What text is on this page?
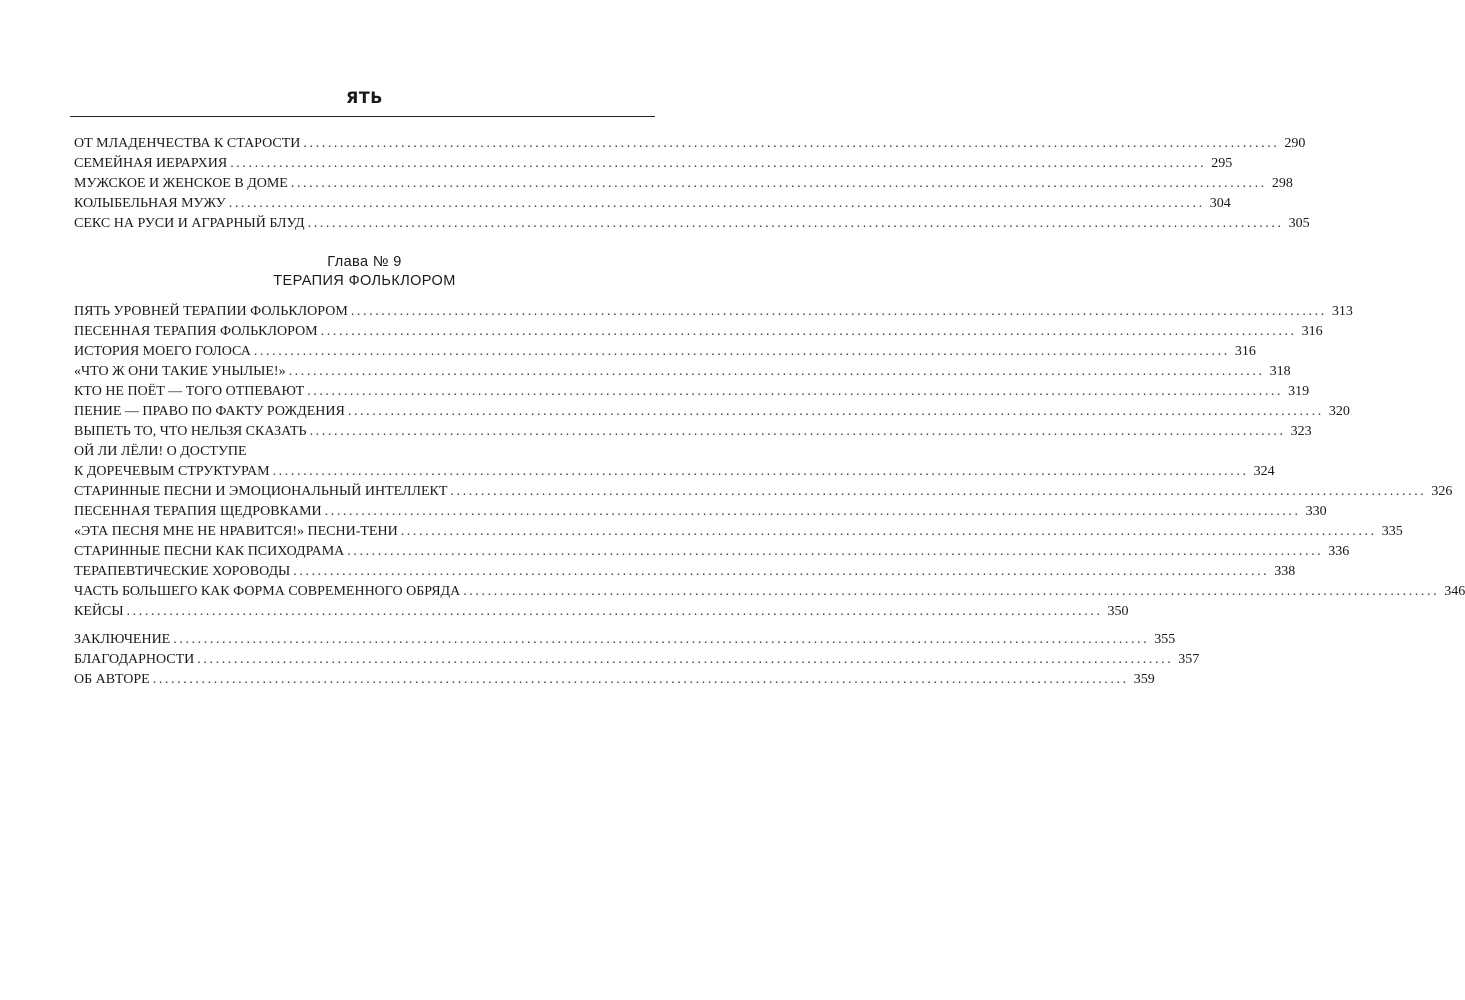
ЯТЬ
ОТ МЛАДЕНЧЕСТВА К СТАРОСТИ ................................................................................................................................................................ 290
СЕМЕЙНАЯ ИЕРАРХИЯ ................................................................................................................................................................ 295
МУЖСКОЕ И ЖЕНСКОЕ В ДОМЕ ................................................................................................................................................................ 298
КОЛЫБЕЛЬНАЯ МУЖУ ................................................................................................................................................................ 304
СЕКС НА РУСИ И АГРАРНЫЙ БЛУД ................................................................................................................................................................ 305
Глава № 9
ТЕРАПИЯ ФОЛЬКЛОРОМ
ПЯТЬ УРОВНЕЙ ТЕРАПИИ ФОЛЬКЛОРОМ ................................................................................................................................................................ 313
ПЕСЕННАЯ ТЕРАПИЯ ФОЛЬКЛОРОМ ................................................................................................................................................................ 316
ИСТОРИЯ МОЕГО ГОЛОСА ................................................................................................................................................................ 316
«ЧТО Ж ОНИ ТАКИЕ УНЫЛЫЕ!» ................................................................................................................................................................ 318
КТО НЕ ПОЁТ — ТОГО ОТПЕВАЮТ ................................................................................................................................................................ 319
ПЕНИЕ — ПРАВО ПО ФАКТУ РОЖДЕНИЯ ................................................................................................................................................................ 320
ВЫПЕТЬ ТО, ЧТО НЕЛЬЗЯ СКАЗАТЬ ................................................................................................................................................................ 323
ОЙ ЛИ ЛЁЛИ! О ДОСТУПЕ
К ДОРЕЧЕВЫМ СТРУКТУРАМ ................................................................................................................................................................ 324
СТАРИННЫЕ ПЕСНИ И ЭМОЦИОНАЛЬНЫЙ ИНТЕЛЛЕКТ ................................................................................................................................................................ 326
ПЕСЕННАЯ ТЕРАПИЯ ЩЕДРОВКАМИ ................................................................................................................................................................ 330
«ЭТА ПЕСНЯ МНЕ НЕ НРАВИТСЯ!» ПЕСНИ-ТЕНИ ................................................................................................................................................................ 335
СТАРИННЫЕ ПЕСНИ КАК ПСИХОДРАМА ................................................................................................................................................................ 336
ТЕРАПЕВТИЧЕСКИЕ ХОРОВОДЫ ................................................................................................................................................................ 338
ЧАСТЬ БОЛЬШЕГО КАК ФОРМА СОВРЕМЕННОГО ОБРЯДА ................................................................................................................................................................ 346
КЕЙСЫ ................................................................................................................................................................ 350
ЗАКЛЮЧЕНИЕ ................................................................................................................................................................ 355
БЛАГОДАРНОСТИ ................................................................................................................................................................ 357
ОБ АВТОРЕ ................................................................................................................................................................ 359
